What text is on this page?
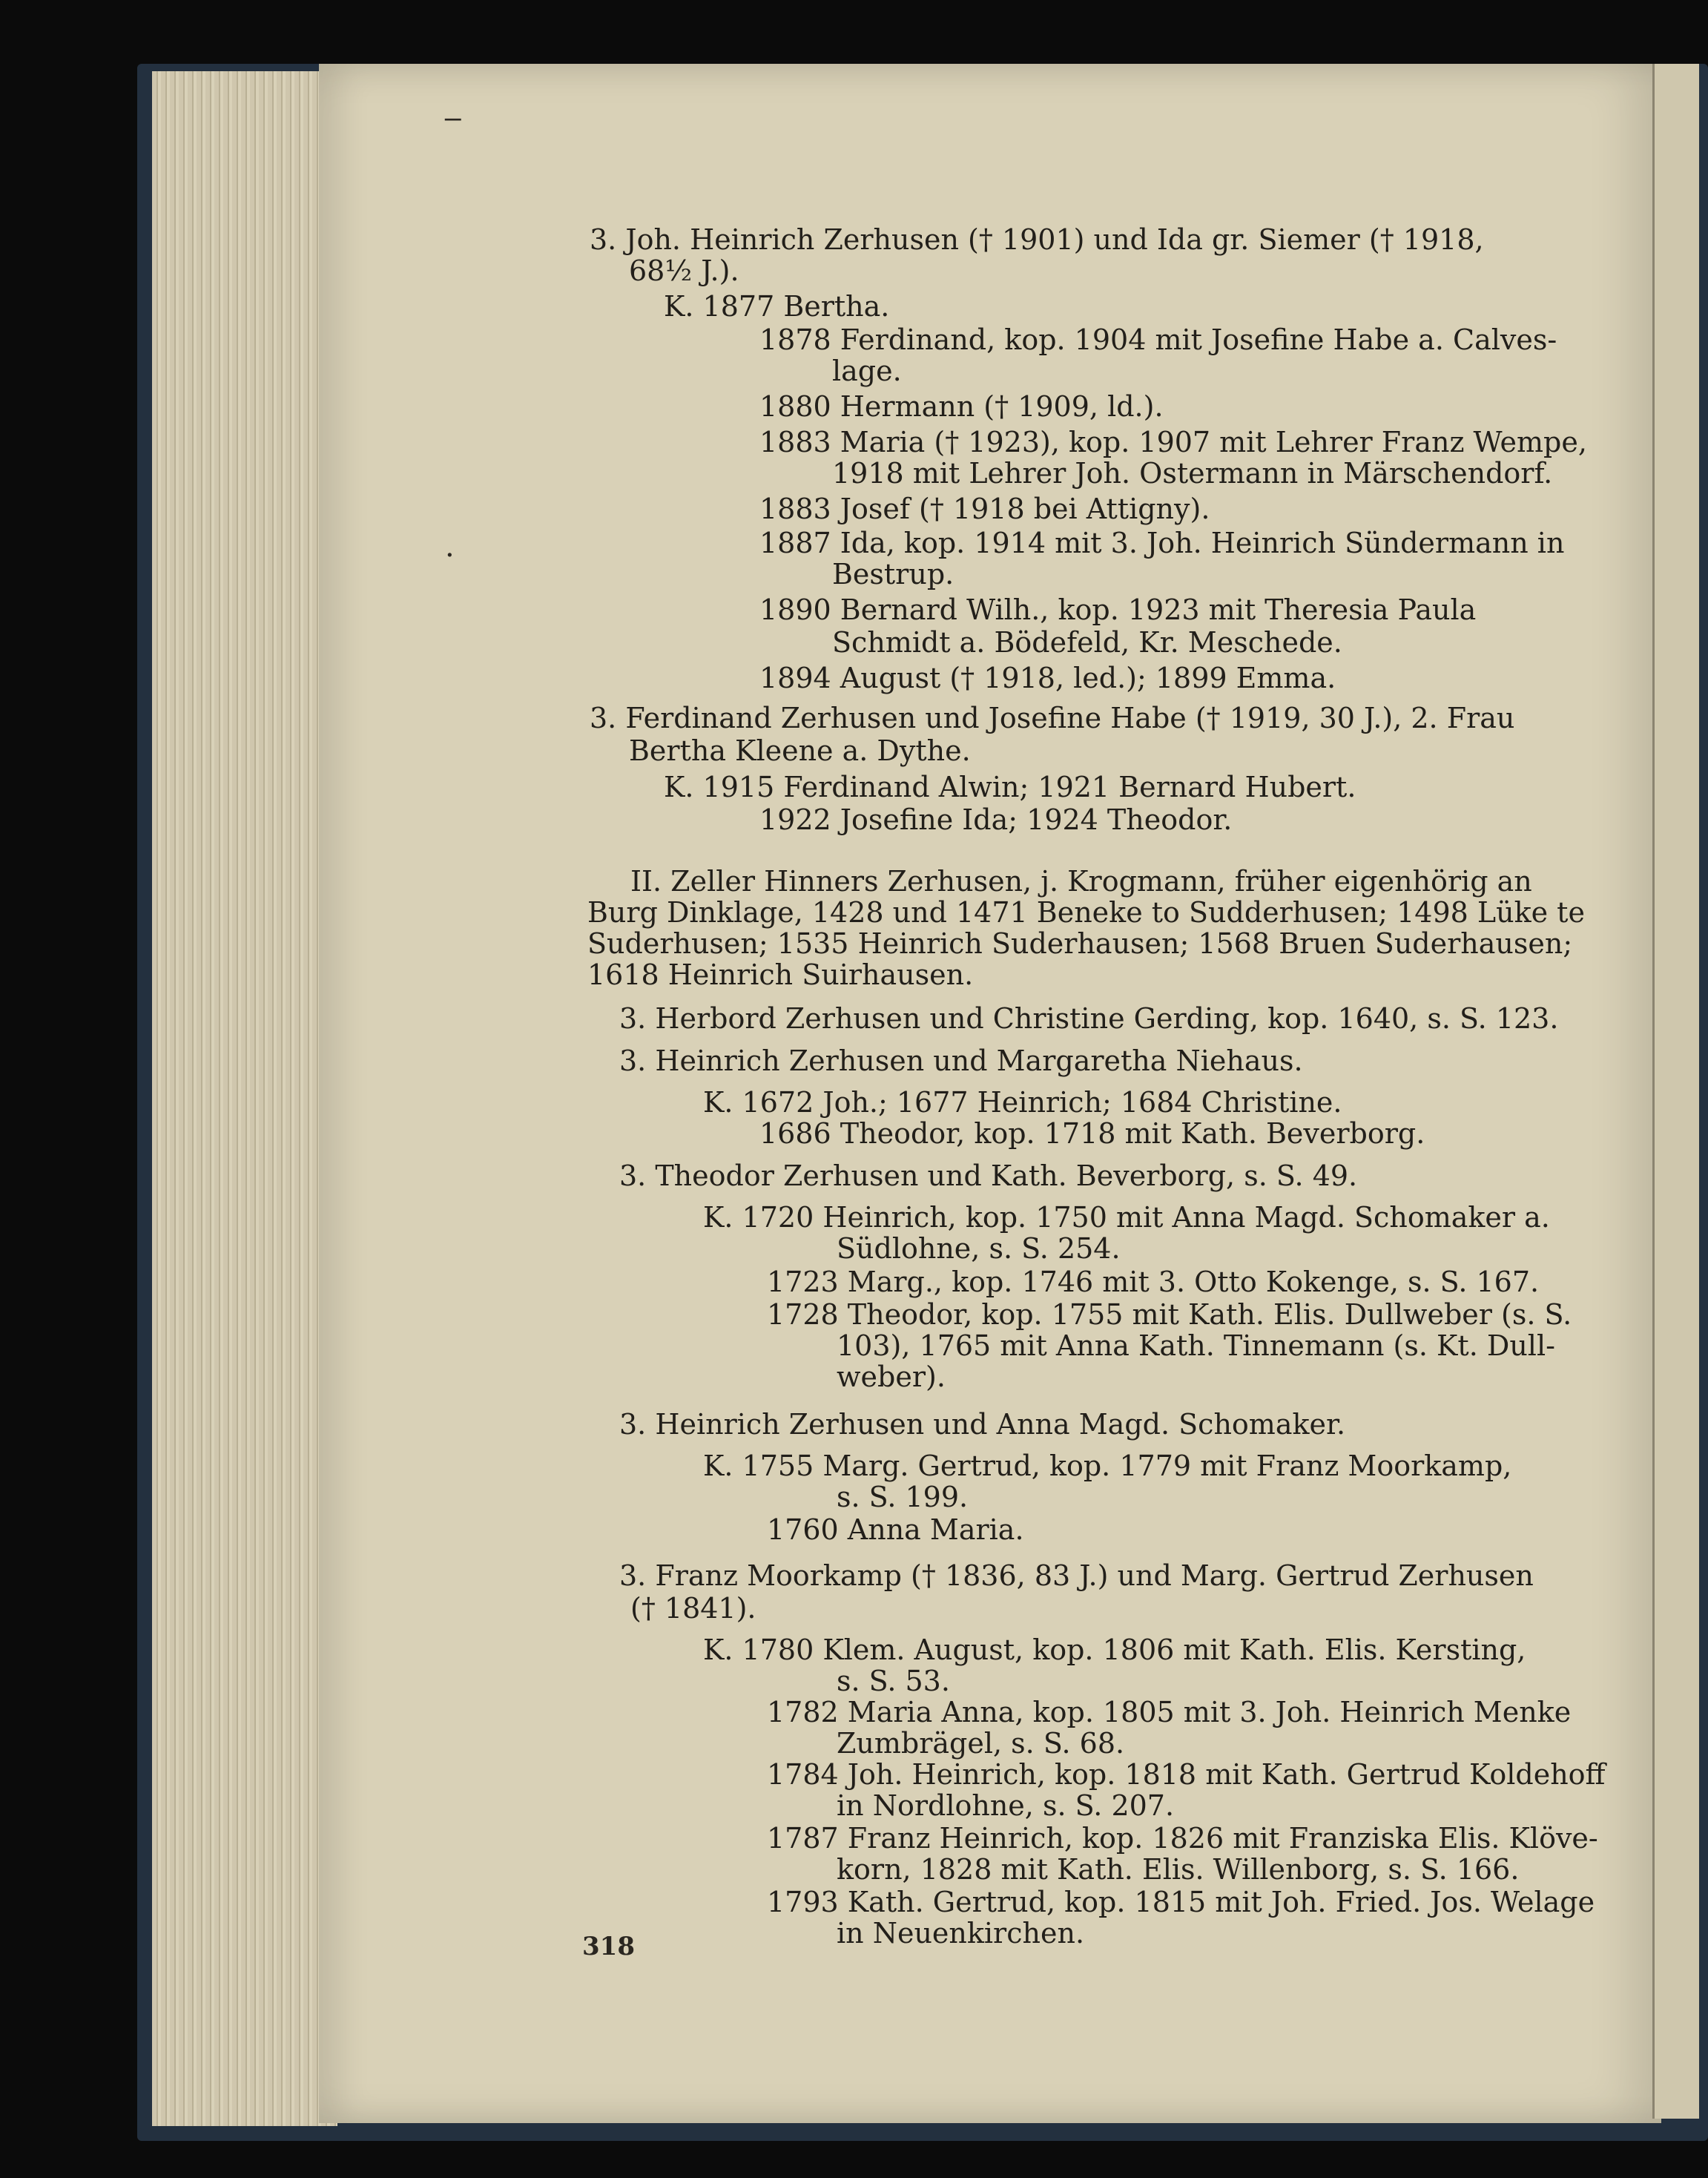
‒
·
3. Joh. Heinrich Zerhusen († 1901) und Ida gr. Siemer († 1918,
68½ J.).
K. 1877 Bertha.
1878 Ferdinand, kop. 1904 mit Josefine Habe a. Calves-
lage.
1880 Hermann († 1909, ld.).
1883 Maria († 1923), kop. 1907 mit Lehrer Franz Wempe,
1918 mit Lehrer Joh. Ostermann in Märschendorf.
1883 Josef († 1918 bei Attigny).
1887 Ida, kop. 1914 mit 3. Joh. Heinrich Sündermann in
Bestrup.
1890 Bernard Wilh., kop. 1923 mit Theresia Paula
Schmidt a. Bödefeld, Kr. Meschede.
1894 August († 1918, led.); 1899 Emma.
3. Ferdinand Zerhusen und Josefine Habe († 1919, 30 J.), 2. Frau
Bertha Kleene a. Dythe.
K. 1915 Ferdinand Alwin; 1921 Bernard Hubert.
1922 Josefine Ida; 1924 Theodor.
II. Zeller Hinners Zerhusen, j. Krogmann, früher eigenhörig an
Burg Dinklage, 1428 und 1471 Beneke to Sudderhusen; 1498 Lüke te
Suderhusen; 1535 Heinrich Suderhausen; 1568 Bruen Suderhausen;
1618 Heinrich Suirhausen.
3. Herbord Zerhusen und Christine Gerding, kop. 1640, s. S. 123.
3. Heinrich Zerhusen und Margaretha Niehaus.
K. 1672 Joh.; 1677 Heinrich; 1684 Christine.
1686 Theodor, kop. 1718 mit Kath. Beverborg.
3. Theodor Zerhusen und Kath. Beverborg, s. S. 49.
K. 1720 Heinrich, kop. 1750 mit Anna Magd. Schomaker a.
Südlohne, s. S. 254.
1723 Marg., kop. 1746 mit 3. Otto Kokenge, s. S. 167.
1728 Theodor, kop. 1755 mit Kath. Elis. Dullweber (s. S.
103), 1765 mit Anna Kath. Tinnemann (s. Kt. Dull-
weber).
3. Heinrich Zerhusen und Anna Magd. Schomaker.
K. 1755 Marg. Gertrud, kop. 1779 mit Franz Moorkamp,
s. S. 199.
1760 Anna Maria.
3. Franz Moorkamp († 1836, 83 J.) und Marg. Gertrud Zerhusen
(† 1841).
K. 1780 Klem. August, kop. 1806 mit Kath. Elis. Kersting,
s. S. 53.
1782 Maria Anna, kop. 1805 mit 3. Joh. Heinrich Menke
Zumbrägel, s. S. 68.
1784 Joh. Heinrich, kop. 1818 mit Kath. Gertrud Koldehoff
in Nordlohne, s. S. 207.
1787 Franz Heinrich, kop. 1826 mit Franziska Elis. Klöve-
korn, 1828 mit Kath. Elis. Willenborg, s. S. 166.
1793 Kath. Gertrud, kop. 1815 mit Joh. Fried. Jos. Welage
in Neuenkirchen.
318
